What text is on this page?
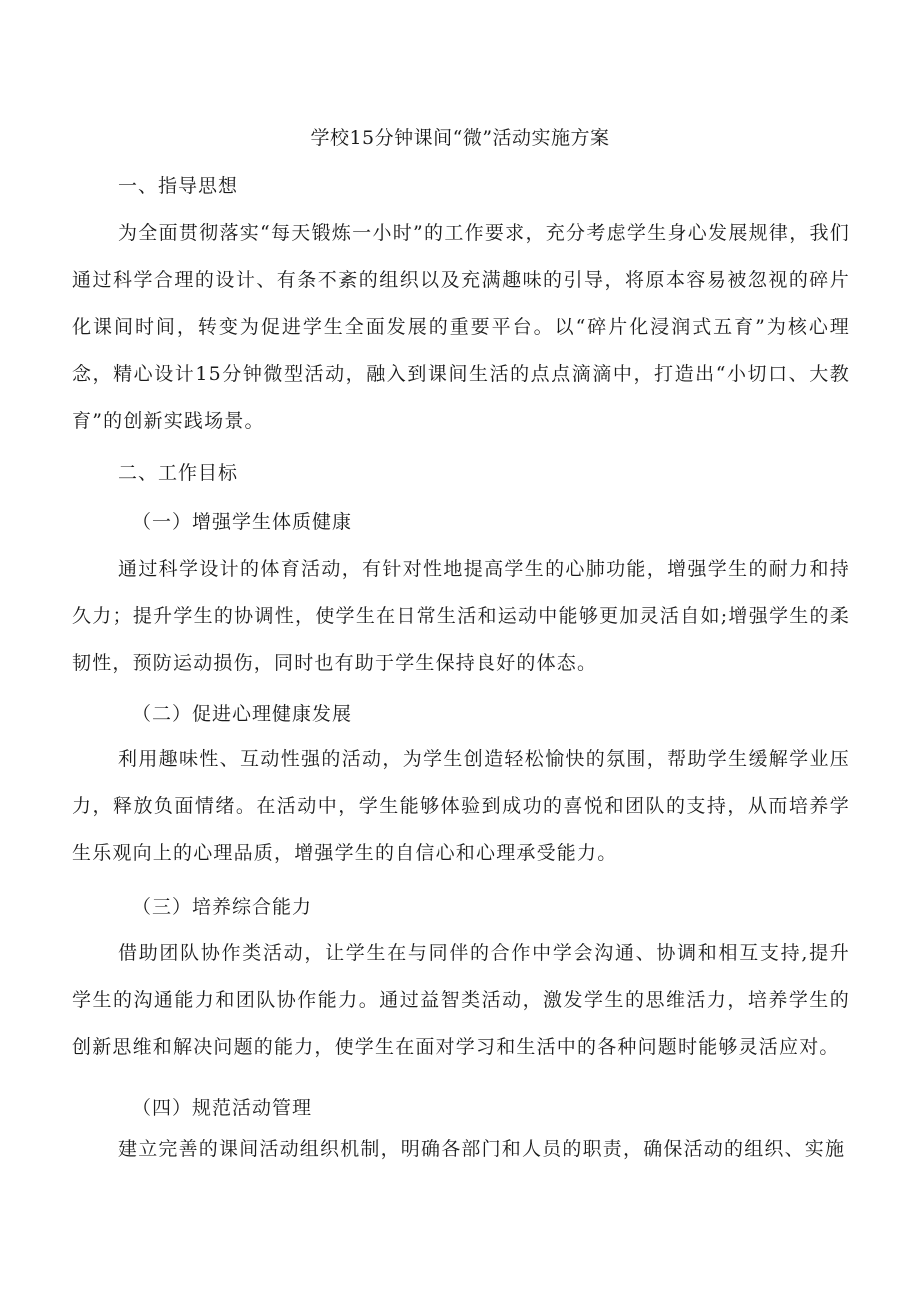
学校15分钟课间“微”活动实施方案
一、指导思想

为全面贯彻落实“每天锻炼一小时”的工作要求，充分考虑学生身心发展规律，我们通过科学合理的设计、有条不紊的组织以及充满趣味的引导，将原本容易被忽视的碎片化课间时间，转变为促进学生全面发展的重要平台。以“碎片化浸润式五育”为核心理念，精心设计15分钟微型活动，融入到课间生活的点点滴滴中，打造出“小切口、大教育”的创新实践场景。

二、工作目标
（一）增强学生体质健康

通过科学设计的体育活动，有针对性地提高学生的心肺功能，增强学生的耐力和持久力；提升学生的协调性，使学生在日常生活和运动中能够更加灵活自如;增强学生的柔韧性，预防运动损伤，同时也有助于学生保持良好的体态。

（二）促进心理健康发展

利用趣味性、互动性强的活动，为学生创造轻松愉快的氛围，帮助学生缓解学业压力，释放负面情绪。在活动中，学生能够体验到成功的喜悦和团队的支持，从而培养学生乐观向上的心理品质，增强学生的自信心和心理承受能力。

（三）培养综合能力

借助团队协作类活动，让学生在与同伴的合作中学会沟通、协调和相互支持,提升学生的沟通能力和团队协作能力。通过益智类活动，激发学生的思维活力，培养学生的创新思维和解决问题的能力，使学生在面对学习和生活中的各种问题时能够灵活应对。

（四）规范活动管理

建立完善的课间活动组织机制，明确各部门和人员的职责，确保活动的组织、实施
